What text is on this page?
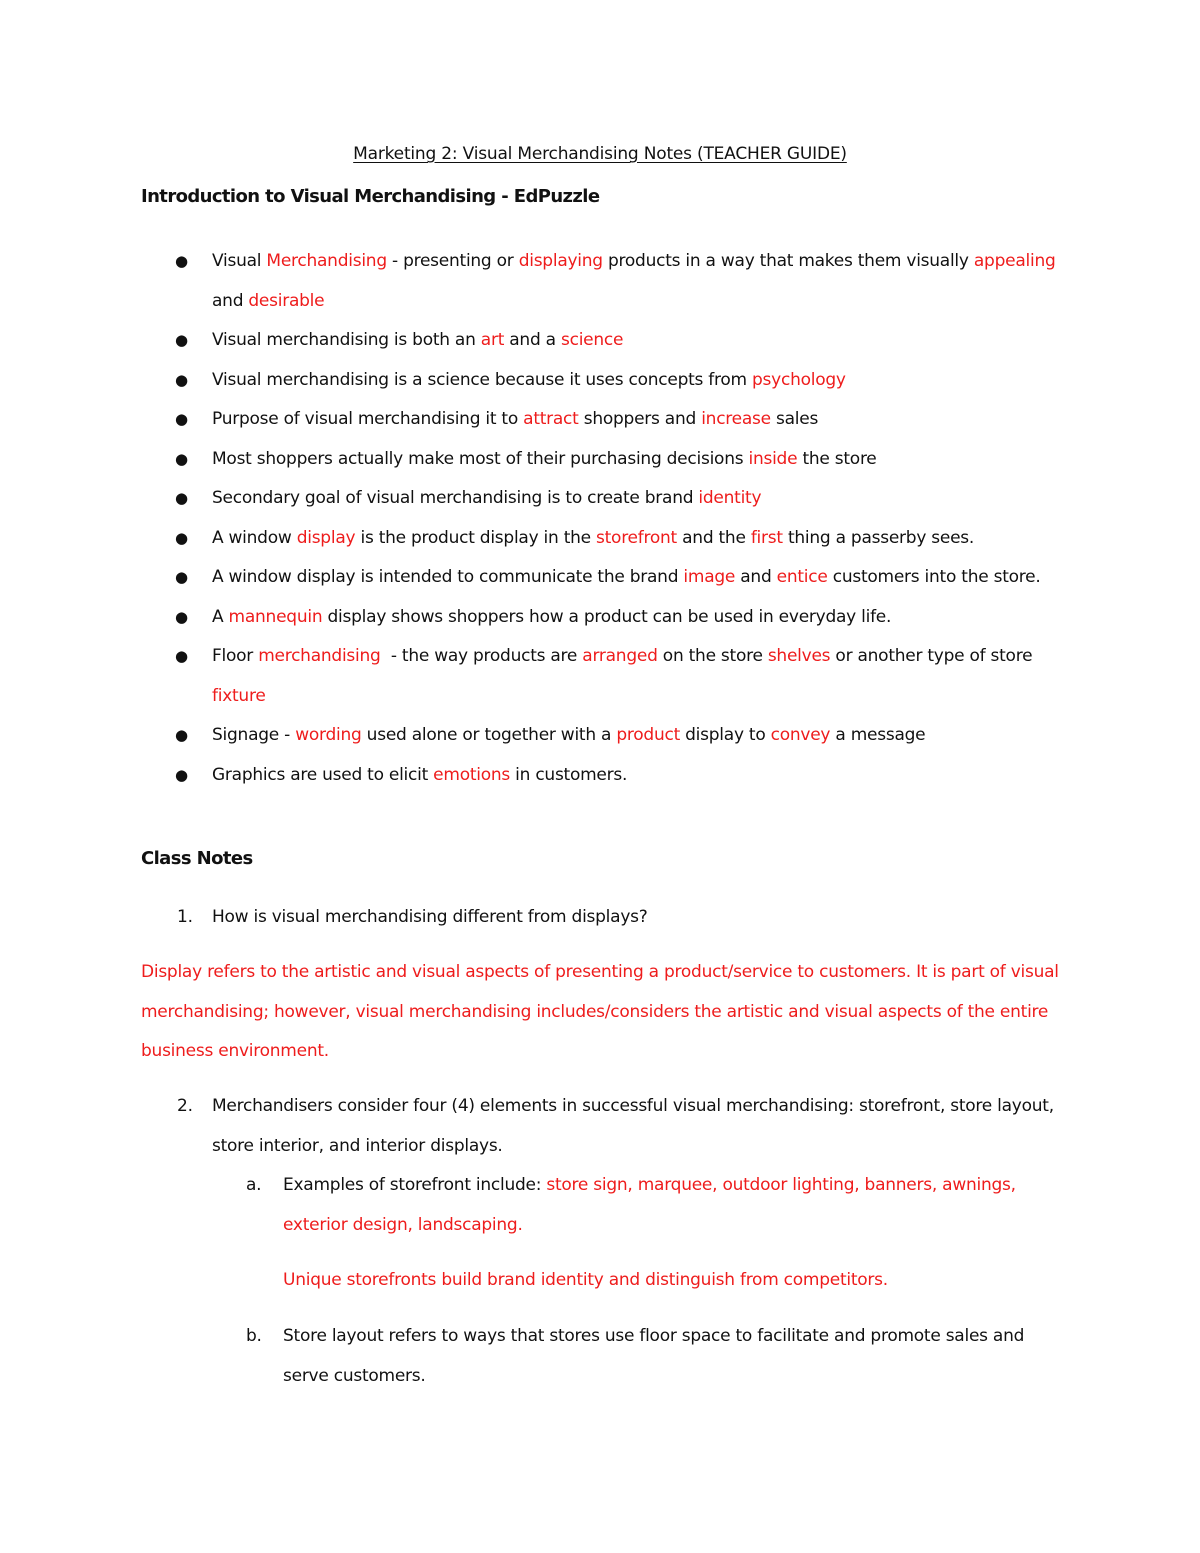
Marketing 2: Visual Merchandising Notes (TEACHER GUIDE)
Introduction to Visual Merchandising - EdPuzzle
● Visual Merchandising - presenting or displaying products in a way that makes them visually appealing and desirable
● Visual merchandising is both an art and a science
● Visual merchandising is a science because it uses concepts from psychology
● Purpose of visual merchandising it to attract shoppers and increase sales
● Most shoppers actually make most of their purchasing decisions inside the store
● Secondary goal of visual merchandising is to create brand identity
● A window display is the product display in the storefront and the first thing a passerby sees.
● A window display is intended to communicate the brand image and entice customers into the store.
● A mannequin display shows shoppers how a product can be used in everyday life.
● Floor merchandising  - the way products are arranged on the store shelves or another type of store fixture
● Signage - wording used alone or together with a product display to convey a message
● Graphics are used to elicit emotions in customers.
Class Notes
1. How is visual merchandising different from displays?
Display refers to the artistic and visual aspects of presenting a product/service to customers. It is part of visual merchandising; however, visual merchandising includes/considers the artistic and visual aspects of the entire business environment.
2. Merchandisers consider four (4) elements in successful visual merchandising: storefront, store layout, store interior, and interior displays.
a. Examples of storefront include: store sign, marquee, outdoor lighting, banners, awnings, exterior design, landscaping.
Unique storefronts build brand identity and distinguish from competitors.
b. Store layout refers to ways that stores use floor space to facilitate and promote sales and serve customers.
